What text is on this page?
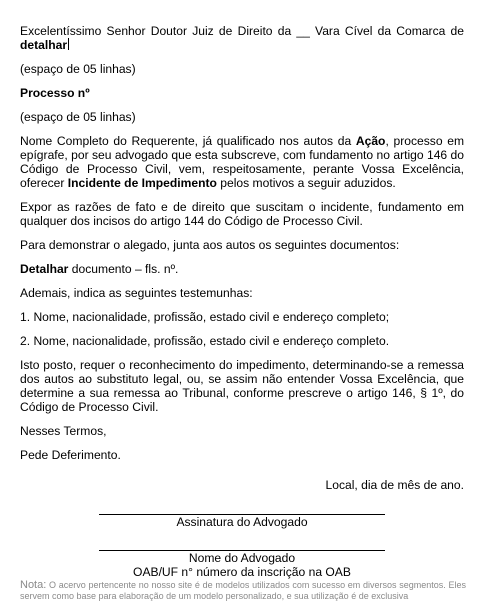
Excelentíssimo Senhor Doutor Juiz de Direito da __ Vara Cível da Comarca de detalhar

(espaço de 05 linhas)

Processo nº

(espaço de 05 linhas)

Nome Completo do Requerente, já qualificado nos autos da Ação, processo em epígrafe, por seu advogado que esta subscreve, com fundamento no artigo 146 do Código de Processo Civil, vem, respeitosamente, perante Vossa Excelência, oferecer Incidente de Impedimento pelos motivos a seguir aduzidos.

Expor as razões de fato e de direito que suscitam o incidente, fundamento em qualquer dos incisos do artigo 144 do Código de Processo Civil.

Para demonstrar o alegado, junta aos autos os seguintes documentos:

Detalhar documento – fls. nº.

Ademais, indica as seguintes testemunhas:

1. Nome, nacionalidade, profissão, estado civil e endereço completo;

2. Nome, nacionalidade, profissão, estado civil e endereço completo.

Isto posto, requer o reconhecimento do impedimento, determinando-se a remessa dos autos ao substituto legal, ou, se assim não entender Vossa Excelência, que determine a sua remessa ao Tribunal, conforme prescreve o artigo 146, § 1º, do Código de Processo Civil.

Nesses Termos,

Pede Deferimento.

Local, dia de mês de ano.

Assinatura do Advogado
Nome do Advogado
OAB/UF n° número da inscrição na OAB
Nota: O acervo pertencente no nosso site é de modelos utilizados com sucesso em diversos segmentos. Eles servem como base para elaboração de um modelo personalizado, e sua utilização é de exclusiva
